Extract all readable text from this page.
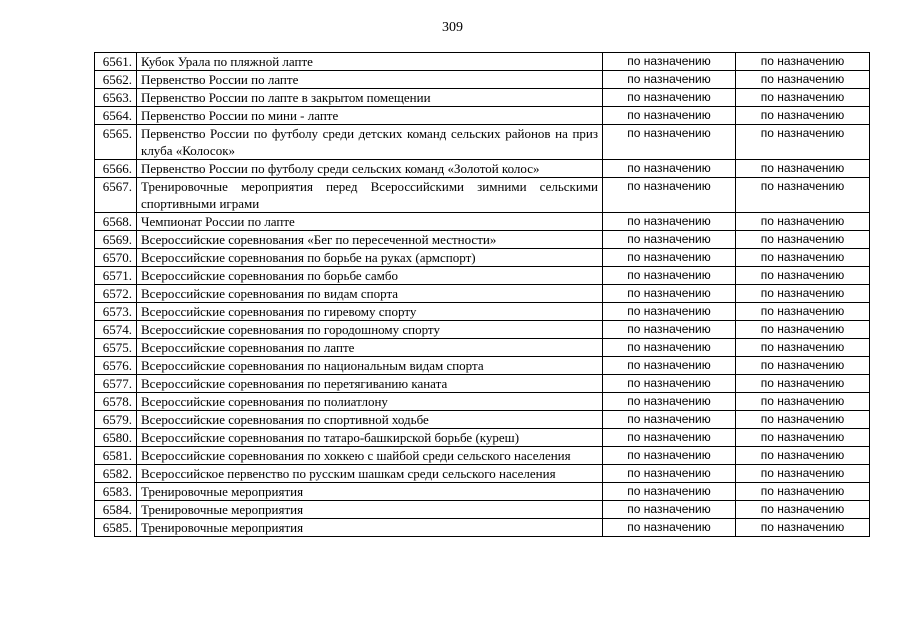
309
6561.	Кубок Урала по пляжной лапте	по назначению	по назначению
6562.	Первенство России по лапте	по назначению	по назначению
6563.	Первенство России по лапте в закрытом помещении	по назначению	по назначению
6564.	Первенство России по мини - лапте	по назначению	по назначению
6565.	Первенство России по футболу среди детских команд сельских районов на приз клуба «Колосок»	по назначению	по назначению
6566.	Первенство России по футболу среди сельских команд «Золотой колос»	по назначению	по назначению
6567.	Тренировочные мероприятия перед Всероссийскими зимними сельскими спортивными играми	по назначению	по назначению
6568.	Чемпионат России по лапте	по назначению	по назначению
6569.	Всероссийские соревнования «Бег по пересеченной местности»	по назначению	по назначению
6570.	Всероссийские соревнования по борьбе на руках (армспорт)	по назначению	по назначению
6571.	Всероссийские соревнования по борьбе самбо	по назначению	по назначению
6572.	Всероссийские соревнования по видам спорта	по назначению	по назначению
6573.	Всероссийские соревнования по гиревому спорту	по назначению	по назначению
6574.	Всероссийские соревнования по городошному спорту	по назначению	по назначению
6575.	Всероссийские соревнования по лапте	по назначению	по назначению
6576.	Всероссийские соревнования по национальным видам спорта	по назначению	по назначению
6577.	Всероссийские соревнования по перетягиванию каната	по назначению	по назначению
6578.	Всероссийские соревнования по полиатлону	по назначению	по назначению
6579.	Всероссийские соревнования по спортивной ходьбе	по назначению	по назначению
6580.	Всероссийские соревнования по татаро-башкирской борьбе (куреш)	по назначению	по назначению
6581.	Всероссийские соревнования по хоккею с шайбой среди сельского населения	по назначению	по назначению
6582.	Всероссийское первенство по русским шашкам среди сельского населения	по назначению	по назначению
6583.	Тренировочные мероприятия	по назначению	по назначению
6584.	Тренировочные мероприятия	по назначению	по назначению
6585.	Тренировочные мероприятия	по назначению	по назначению
